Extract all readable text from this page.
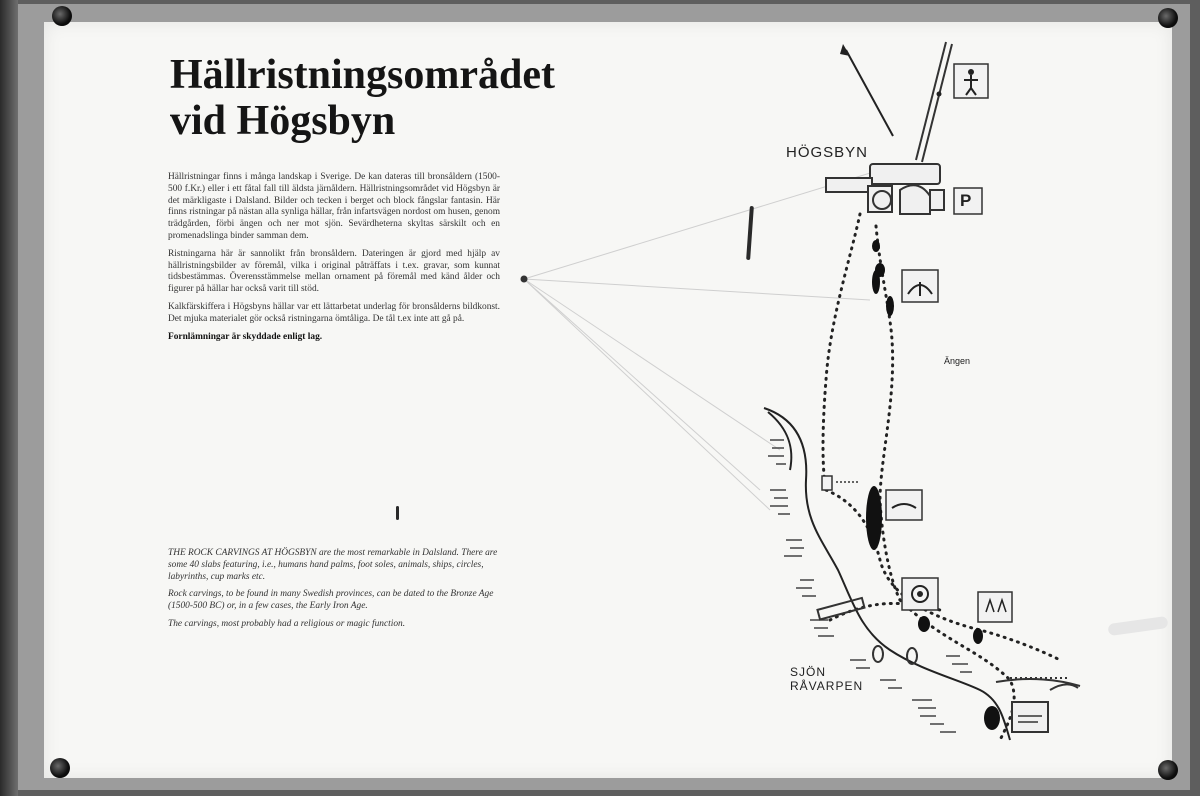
Hällristningsområdet
vid Högsbyn

Hällristningar finns i många landskap i Sverige. De kan dateras till bronsåldern (1500-500 f.Kr.) eller i ett fåtal fall till äldsta järnåldern. Hällristningsområdet vid Högsbyn är det märkligaste i Dalsland. Bilder och tecken i berget och block fångslar fantasin. Här finns ristningar på nästan alla synliga hällar, från infartsvägen nordost om husen, genom trädgården, förbi ängen och ner mot sjön. Sevärdheterna skyltas särskilt och en promenadslinga binder samman dem.

Ristningarna här är sannolikt från bronsåldern. Dateringen är gjord med hjälp av hällristningsbilder av föremål, vilka i original påträffats i t.ex. gravar, som kunnat tidsbestämmas. Överensstämmelse mellan ornament på föremål med känd ålder och figurer på hällar har också varit till stöd.

Kalkfärskiffera i Högsbyns hällar var ett lättarbetat underlag för bronsålderns bildkonst. Det mjuka materialet gör också ristningarna ömtåliga. De tål t.ex inte att gå på.

Fornlämningar är skyddade enligt lag.

THE ROCK CARVINGS AT HÖGSBYN are the most remarkable in Dalsland. There are some 40 slabs featuring, i.e., humans hand palms, foot soles, animals, ships, circles, labyrinths, cup marks etc.

Rock carvings, to be found in many Swedish provinces, can be dated to the Bronze Age (1500-500 BC) or, in a few cases, the Early Iron Age.

The carvings, most probably had a religious or magic function.

HÖGSBYN
P
Ängen
SJÖN
RÅVARPEN
